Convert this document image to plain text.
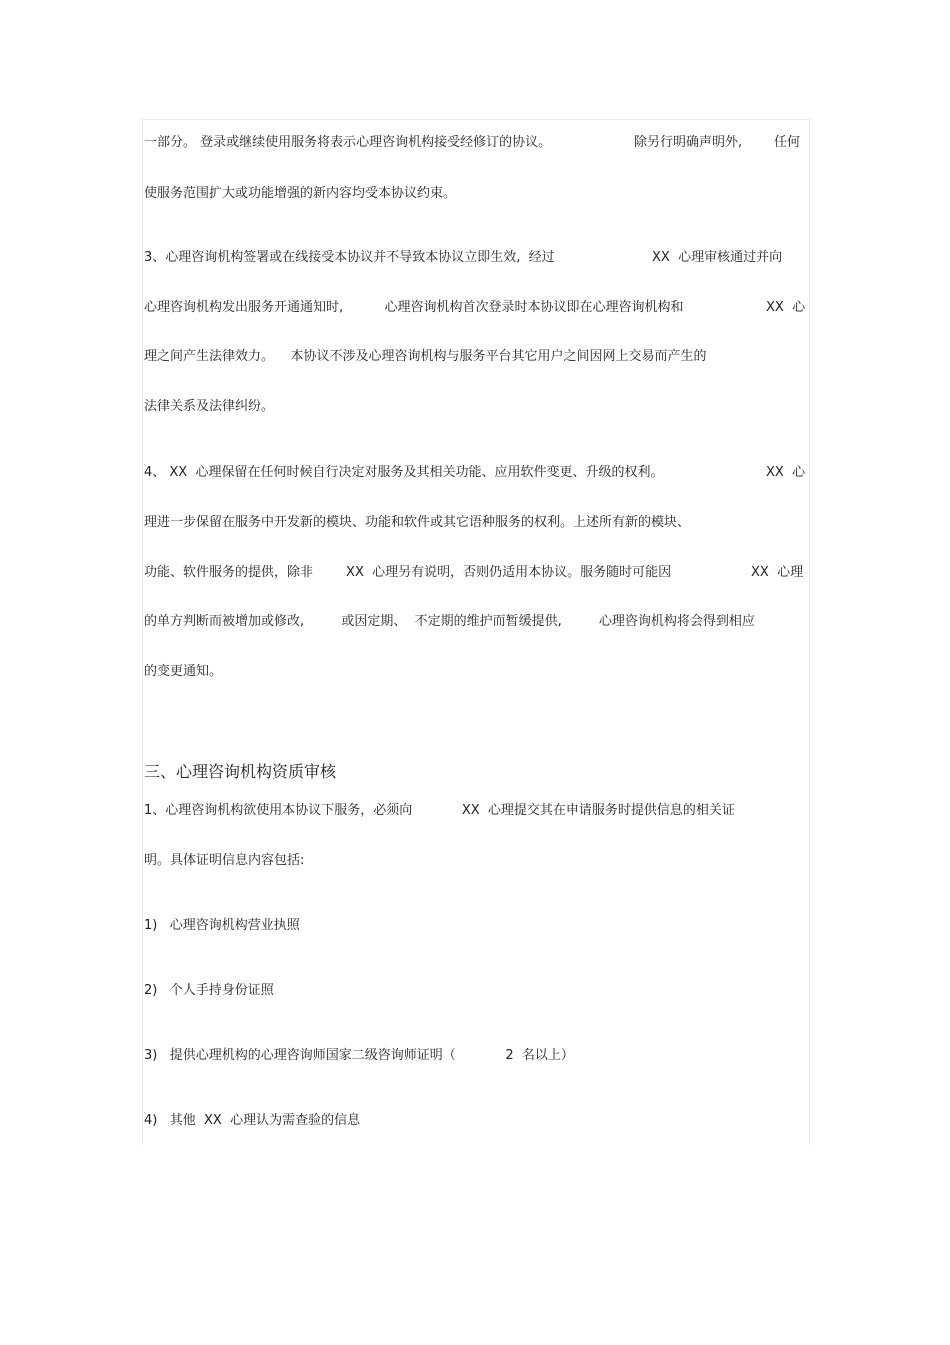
一部分。 登录或继续使用服务将表示心理咨询机构接受经修订的协议。	除另行明确声明外, 任何

使服务范围扩大或功能增强的新内容均受本协议约束。

3、心理咨询机构签署或在线接受本协议并不导致本协议立即生效,  经过	XX  心理审核通过并向

心理咨询机构发出服务开通通知时,          心理咨询机构首次登录时本协议即在心理咨询机构和	XX  心

理之间产生法律效力。    本协议不涉及心理咨询机构与服务平台其它用户之间因网上交易而产生的

法律关系及法律纠纷。

4、 XX  心理保留在任何时候自行决定对服务及其相关功能、应用软件变更、升级的权利。	XX  心

理进一步保留在服务中开发新的模块、功能和软件或其它语种服务的权利。上述所有新的模块、

功能、软件服务的提供，除非        XX  心理另有说明，否则仍适用本协议。服务随时可能因	XX  心理

的单方判断而被增加或修改,         或因定期、  不定期的维护而暂缓提供,         心理咨询机构将会得到相应

的变更通知。

三、心理咨询机构资质审核

1、心理咨询机构欲使用本协议下服务，必须向            XX  心理提交其在申请服务时提供信息的相关证

明。具体证明信息内容包括:

1)   心理咨询机构营业执照

2)   个人手持身份证照

3)   提供心理机构的心理咨询师国家二级咨询师证明（            2  名以上）

4)   其他  XX  心理认为需查验的信息
